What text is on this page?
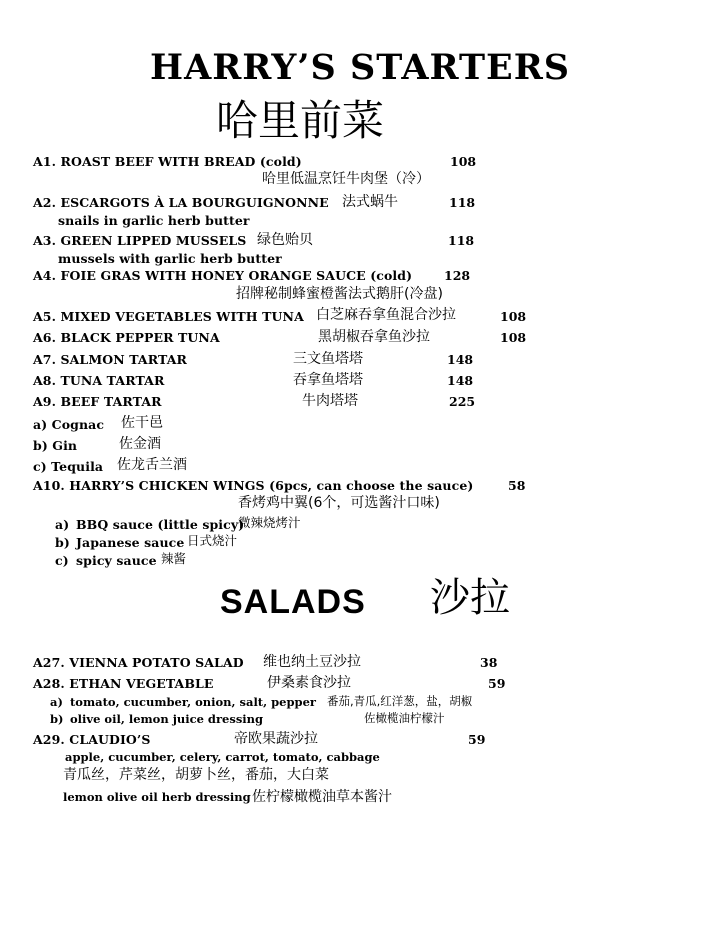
HARRY’S STARTERS
哈里前菜
A1. ROAST BEEF WITH BREAD (cold)	108
哈里低温烹饪牛肉堡（冷）
A2. ESCARGOTS À LA BOURGUIGNONNE 法式蜗牛	118
snails in garlic herb butter
A3. GREEN LIPPED MUSSELS 绿色贻贝	118
mussels with garlic herb butter
A4. FOIE GRAS WITH HONEY ORANGE SAUCE (cold)	128
招牌秘制蜂蜜橙酱法式鹅肝(冷盘)
A5. MIXED VEGETABLES WITH TUNA 白芝麻吞拿鱼混合沙拉	108
A6. BLACK PEPPER TUNA	黑胡椒吞拿鱼沙拉	108
A7. SALMON TARTAR	三文鱼塔塔	148
A8. TUNA TARTAR	吞拿鱼塔塔	148
A9. BEEF TARTAR	牛肉塔塔	225
a) Cognac 佐干邑
b) Gin	佐金酒
c) Tequila 佐龙舌兰酒
A10. HARRY’S CHICKEN WINGS (6pcs, can choose the sauce)	58
香烤鸡中翼(6个，可选酱汁口味)
a) BBQ sauce (little spicy)
微辣烧烤汁
b) Japanese sauce 日式烧汁
c) spicy sauce 辣酱
SALADS 沙拉
A27. VIENNA POTATO SALAD 维也纳土豆沙拉	38
A28. ETHAN VEGETABLE	伊桑素食沙拉	59
a) tomato, cucumber, onion, salt, pepper 番茄,青瓜,红洋葱，盐，胡椒
b) olive oil, lemon juice dressing	佐橄榄油柠檬汁
A29. CLAUDIO’S	帝欧果蔬沙拉	59
apple, cucumber, celery, carrot, tomato, cabbage
青瓜丝，芹菜丝，胡萝卜丝，番茄，大白菜
lemon olive oil herb dressing 佐柠檬橄榄油草本酱汁
